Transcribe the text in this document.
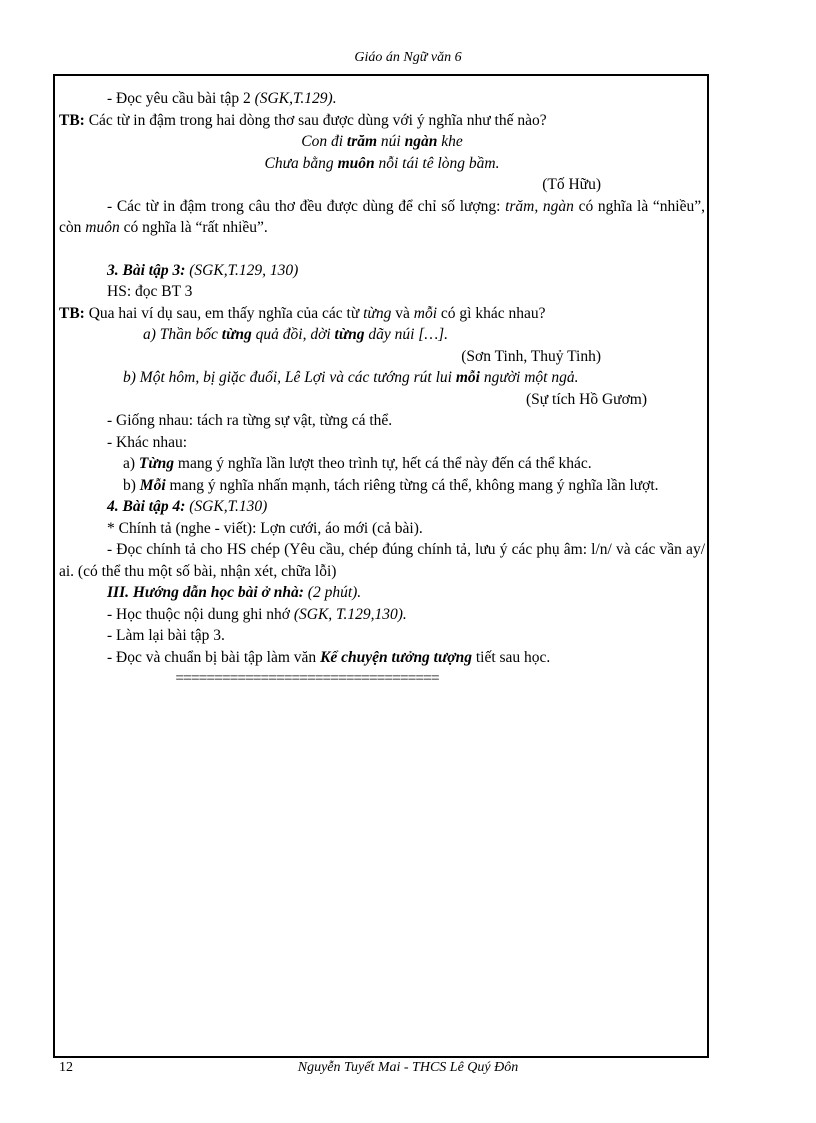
Giáo án Ngữ văn 6

- Đọc yêu cầu bài tập 2 (SGK,T.129).

TB: Các từ in đậm trong hai dòng thơ sau được dùng với ý nghĩa như thế nào?

Con đi trăm núi ngàn khe

Chưa bằng muôn nỗi tái tê lòng bầm.

(Tố Hữu)

- Các từ in đậm trong câu thơ đều được dùng để chỉ số lượng: trăm, ngàn có nghĩa là “nhiều”, còn muôn có nghĩa là “rất nhiều”.

3. Bài tập 3: (SGK,T.129, 130)

HS: đọc BT 3

TB: Qua hai ví dụ sau, em thấy nghĩa của các từ từng và mỗi có gì khác nhau?

a) Thần bốc từng quả đồi, dời từng dãy núi […].

(Sơn Tinh, Thuỷ Tinh)

b) Một hôm, bị giặc đuổi, Lê Lợi và các tướng rút lui mỗi người một ngả.

(Sự tích Hồ Gươm)

- Giống nhau: tách ra từng sự vật, từng cá thể.

- Khác nhau:

a) Từng mang ý nghĩa lần lượt theo trình tự, hết cá thể này đến cá thể khác.

b) Mỗi mang ý nghĩa nhấn mạnh, tách riêng từng cá thể, không mang ý nghĩa lần lượt.

4. Bài tập 4: (SGK,T.130)

* Chính tả (nghe - viết): Lợn cưới, áo mới (cả bài).

- Đọc chính tả cho HS chép (Yêu cầu, chép đúng chính tả, lưu ý các phụ âm: l/n/ và các vần ay/ ai. (có thể thu một số bài, nhận xét, chữa lỗi)

III. Hướng dẫn học bài ở nhà: (2 phút).

- Học thuộc nội dung ghi nhớ (SGK, T.129,130).

- Làm lại bài tập 3.

- Đọc và chuẩn bị bài tập làm văn Kể chuyện tưởng tượng tiết sau học.

==================================

12	Nguyễn Tuyết Mai - THCS Lê Quý Đôn
